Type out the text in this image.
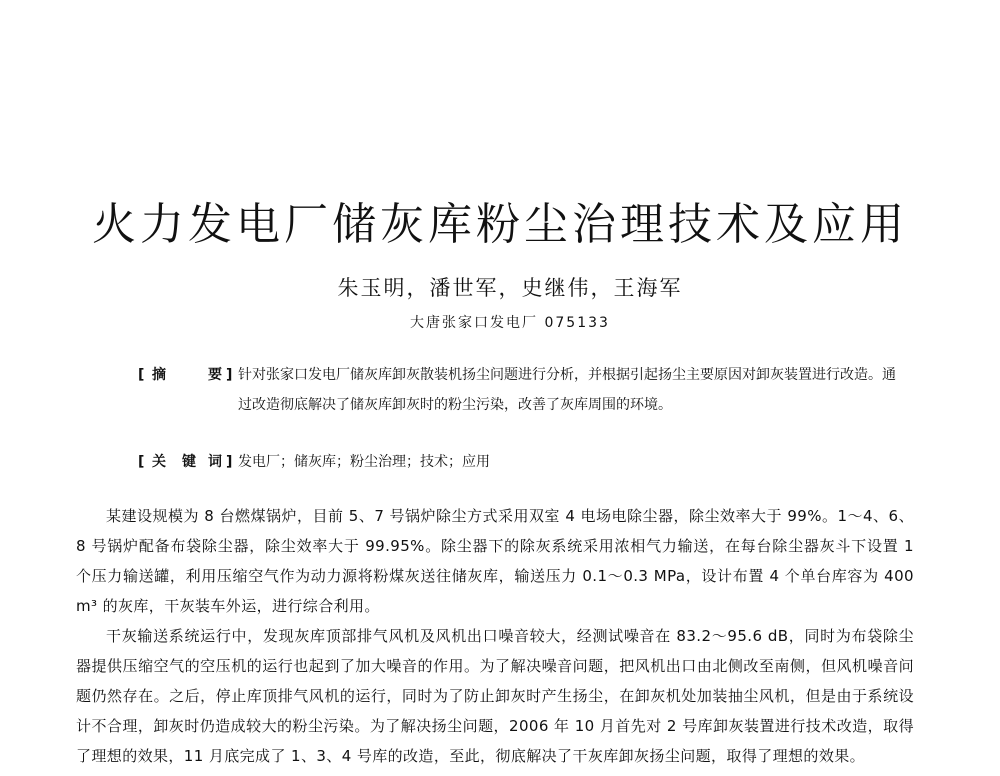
火力发电厂储灰库粉尘治理技术及应用
朱玉明，潘世军，史继伟，王海军
大唐张家口发电厂 075133
[ 摘	要 ] 针对张家口发电厂储灰库卸灰散装机扬尘问题进行分析，并根据引起扬尘主要原因对卸灰装置进行改造。通过改造彻底解决了储灰库卸灰时的粉尘污染，改善了灰库周围的环境。
[ 关 键 词 ] 发电厂；储灰库；粉尘治理；技术；应用

某建设规模为 8 台燃煤锅炉，目前 5、7 号锅炉除尘方式采用双室 4 电场电除尘器，除尘效率大于 99%。1～4、6、8 号锅炉配备布袋除尘器，除尘效率大于 99.95%。除尘器下的除灰系统采用浓相气力输送，在每台除尘器灰斗下设置 1 个压力输送罐，利用压缩空气作为动力源将粉煤灰送往储灰库，输送压力 0.1～0.3 MPa，设计布置 4 个单台库容为 400 m³ 的灰库，干灰装车外运，进行综合利用。

干灰输送系统运行中，发现灰库顶部排气风机及风机出口噪音较大，经测试噪音在 83.2～95.6 dB，同时为布袋除尘器提供压缩空气的空压机的运行也起到了加大噪音的作用。为了解决噪音问题，把风机出口由北侧改至南侧，但风机噪音问题仍然存在。之后，停止库顶排气风机的运行，同时为了防止卸灰时产生扬尘，在卸灰机处加装抽尘风机，但是由于系统设计不合理，卸灰时仍造成较大的粉尘污染。为了解决扬尘问题，2006 年 10 月首先对 2 号库卸灰装置进行技术改造，取得了理想的效果，11 月底完成了 1、3、4 号库的改造，至此，彻底解决了干灰库卸灰扬尘问题，取得了理想的效果。
